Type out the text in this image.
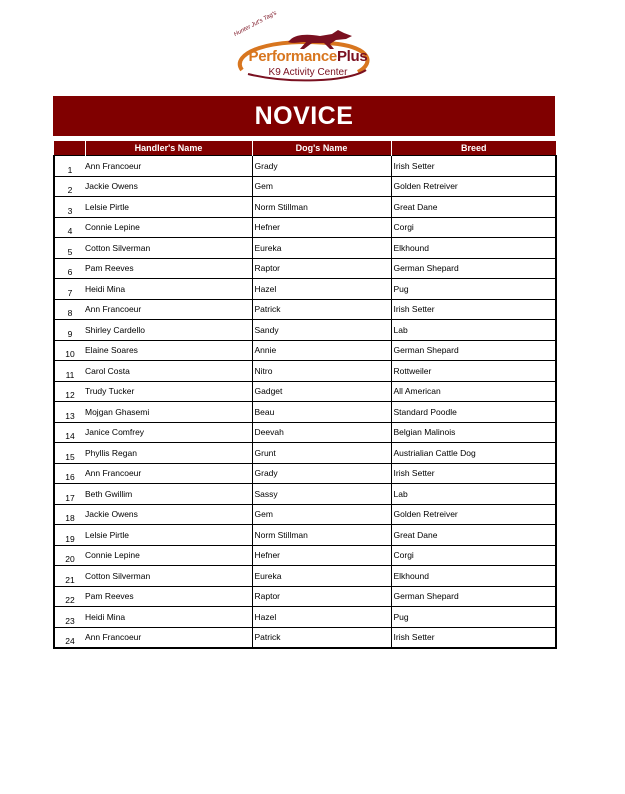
Hunter Jut's Tag's
PerformancePlus
K9 Activity Center
NOVICE
	Handler's Name	Dog's Name	Breed
1	Ann Francoeur	Grady	Irish Setter
2	Jackie Owens	Gem	Golden Retreiver
3	Lelsie Pirtle	Norm Stillman	Great Dane
4	Connie Lepine	Hefner	Corgi
5	Cotton Silverman	Eureka	Elkhound
6	Pam Reeves	Raptor	German Shepard
7	Heidi Mina	Hazel	Pug
8	Ann Francoeur	Patrick	Irish Setter
9	Shirley Cardello	Sandy	Lab
10	Elaine Soares	Annie	German Shepard
11	Carol Costa	Nitro	Rottweiler
12	Trudy Tucker	Gadget	All American
13	Mojgan Ghasemi	Beau	Standard Poodle
14	Janice Comfrey	Deevah	Belgian Malinois
15	Phyllis Regan	Grunt	Austrialian Cattle Dog
16	Ann Francoeur	Grady	Irish Setter
17	Beth Gwillim	Sassy	Lab
18	Jackie Owens	Gem	Golden Retreiver
19	Lelsie Pirtle	Norm Stillman	Great Dane
20	Connie Lepine	Hefner	Corgi
21	Cotton Silverman	Eureka	Elkhound
22	Pam Reeves	Raptor	German Shepard
23	Heidi Mina	Hazel	Pug
24	Ann Francoeur	Patrick	Irish Setter
